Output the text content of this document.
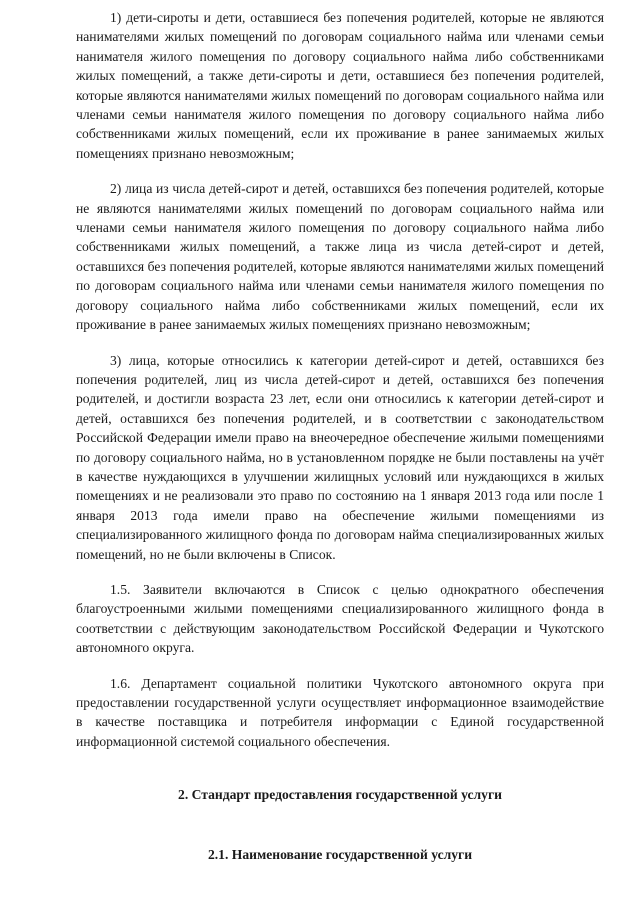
1) дети-сироты и дети, оставшиеся без попечения родителей, которые не являются нанимателями жилых помещений по договорам социального найма или членами семьи нанимателя жилого помещения по договору социального найма либо собственниками жилых помещений, а также дети-сироты и дети, оставшиеся без попечения родителей, которые являются нанимателями жилых помещений по договорам социального найма или членами семьи нанимателя жилого помещения по договору социального найма либо собственниками жилых помещений, если их проживание в ранее занимаемых жилых помещениях признано невозможным;

2) лица из числа детей-сирот и детей, оставшихся без попечения родителей, которые не являются нанимателями жилых помещений по договорам социального найма или членами семьи нанимателя жилого помещения по договору социального найма либо собственниками жилых помещений, а также лица из числа детей-сирот и детей, оставшихся без попечения родителей, которые являются нанимателями жилых помещений по договорам социального найма или членами семьи нанимателя жилого помещения по договору социального найма либо собственниками жилых помещений, если их проживание в ранее занимаемых жилых помещениях признано невозможным;

3) лица, которые относились к категории детей-сирот и детей, оставшихся без попечения родителей, лиц из числа детей-сирот и детей, оставшихся без попечения родителей, и достигли возраста 23 лет, если они относились к категории детей-сирот и детей, оставшихся без попечения родителей, и в соответствии с законодательством Российской Федерации имели право на внеочередное обеспечение жилыми помещениями по договору социального найма, но в установленном порядке не были поставлены на учёт в качестве нуждающихся в улучшении жилищных условий или нуждающихся в жилых помещениях и не реализовали это право по состоянию на 1 января 2013 года или после 1 января 2013 года имели право на обеспечение жилыми помещениями из специализированного жилищного фонда по договорам найма специализированных жилых помещений, но не были включены в Список.

1.5. Заявители включаются в Список с целью однократного обеспечения благоустроенными жилыми помещениями специализированного жилищного фонда в соответствии с действующим законодательством Российской Федерации и Чукотского автономного округа.

1.6. Департамент социальной политики Чукотского автономного округа при предоставлении государственной услуги осуществляет информационное взаимодействие в качестве поставщика и потребителя информации с Единой государственной информационной системой социального обеспечения.

2. Стандарт предоставления государственной услуги

2.1. Наименование государственной услуги
